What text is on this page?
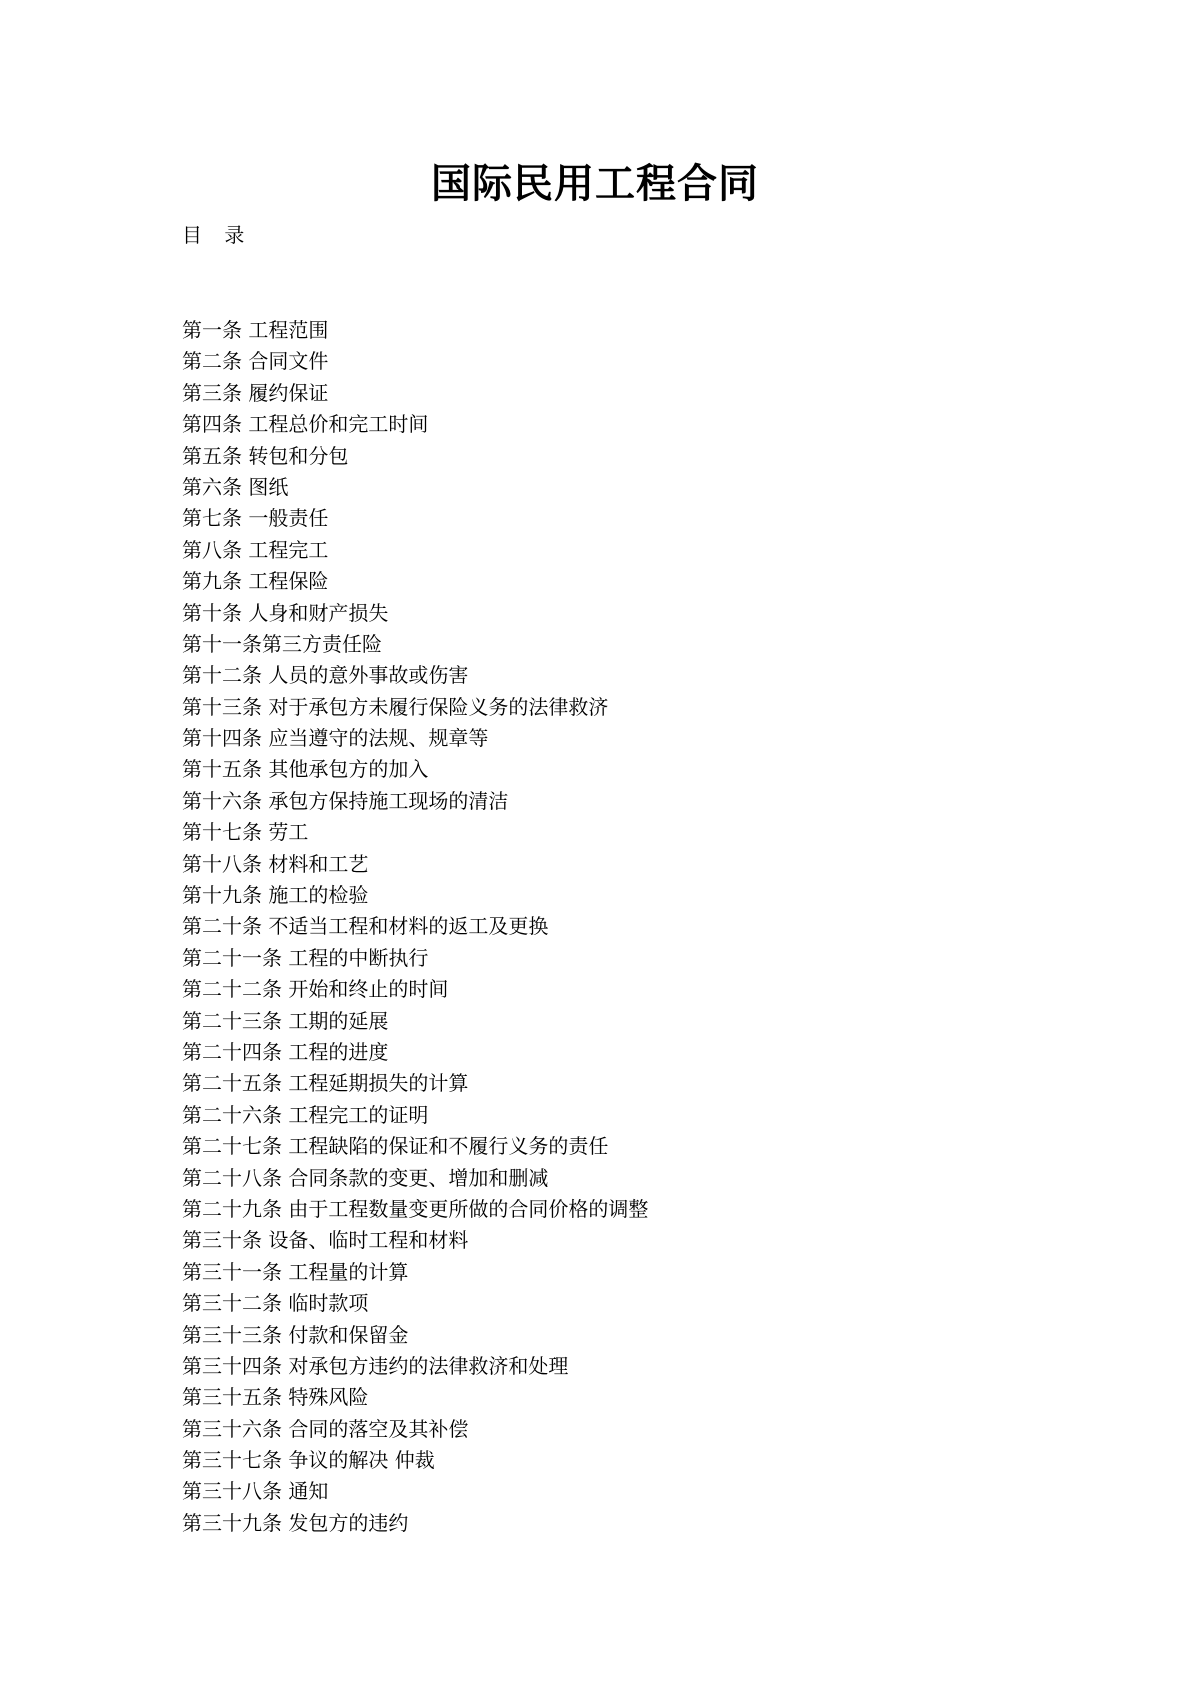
国际民用工程合同
目 录
第一条 工程范围
第二条 合同文件
第三条 履约保证
第四条 工程总价和完工时间
第五条 转包和分包
第六条 图纸
第七条 一般责任
第八条 工程完工
第九条 工程保险
第十条 人身和财产损失
第十一条第三方责任险
第十二条 人员的意外事故或伤害
第十三条 对于承包方未履行保险义务的法律救济
第十四条 应当遵守的法规、规章等
第十五条 其他承包方的加入
第十六条 承包方保持施工现场的清洁
第十七条 劳工
第十八条 材料和工艺
第十九条 施工的检验
第二十条 不适当工程和材料的返工及更换
第二十一条 工程的中断执行
第二十二条 开始和终止的时间
第二十三条 工期的延展
第二十四条 工程的进度
第二十五条 工程延期损失的计算
第二十六条 工程完工的证明
第二十七条 工程缺陷的保证和不履行义务的责任
第二十八条 合同条款的变更、增加和删减
第二十九条 由于工程数量变更所做的合同价格的调整
第三十条 设备、临时工程和材料
第三十一条 工程量的计算
第三十二条 临时款项
第三十三条 付款和保留金
第三十四条 对承包方违约的法律救济和处理
第三十五条 特殊风险
第三十六条 合同的落空及其补偿
第三十七条 争议的解决 仲裁
第三十八条 通知
第三十九条 发包方的违约
